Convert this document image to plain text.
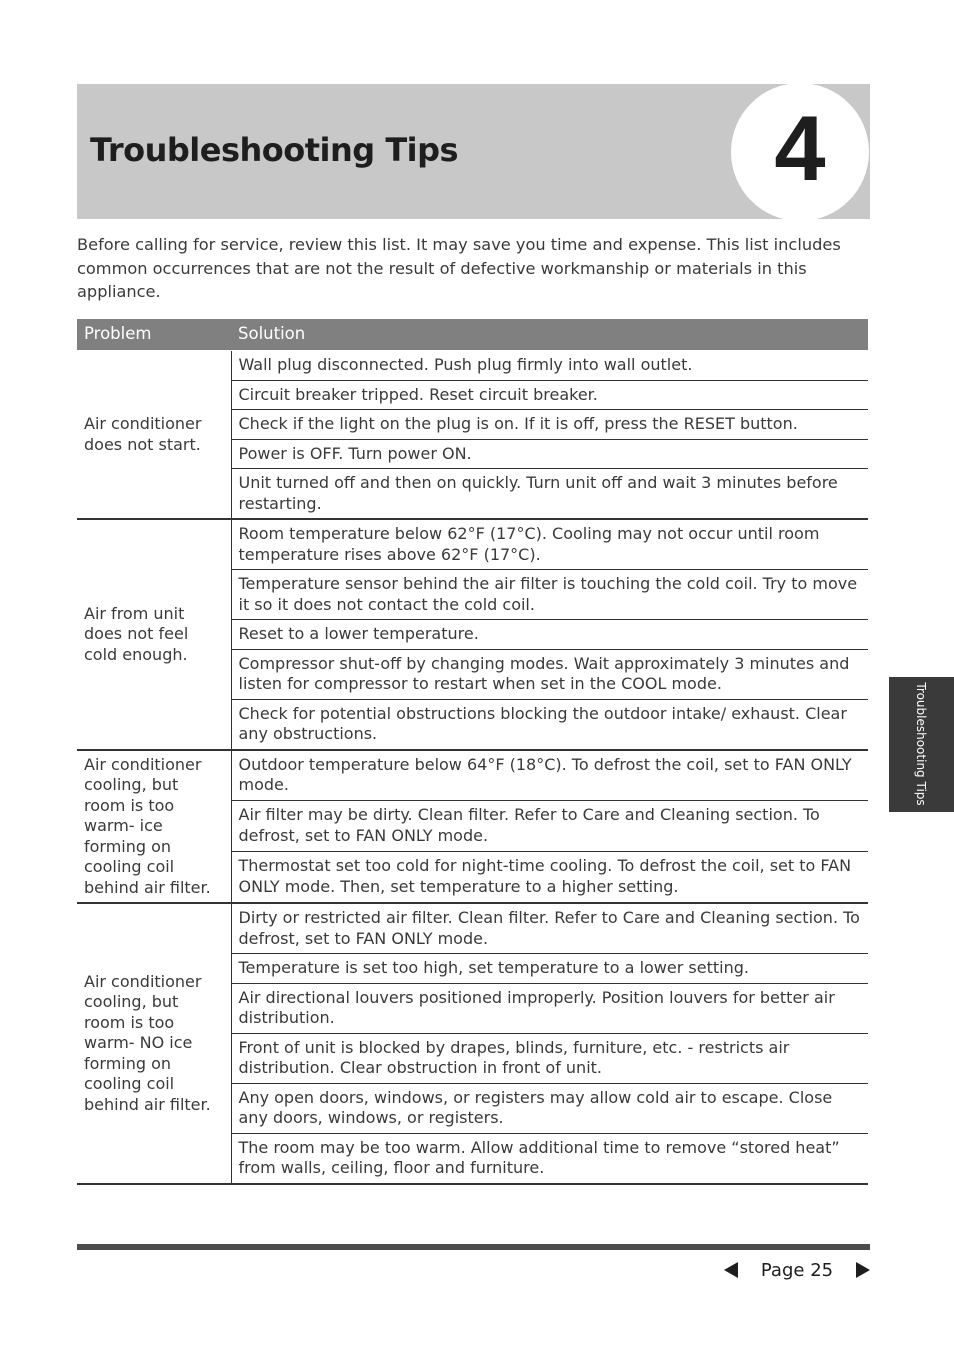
Troubleshooting Tips	4

Before calling for service, review this list. It may save you time and expense. This list includes common occurrences that are not the result of defective workmanship or materials in this appliance.

Problem	Solution
Air conditioner does not start.	Wall plug disconnected. Push plug firmly into wall outlet.
	Circuit breaker tripped. Reset circuit breaker.
	Check if the light on the plug is on. If it is off, press the RESET button.
	Power is OFF. Turn power ON.
	Unit turned off and then on quickly. Turn unit off and wait 3 minutes before restarting.
Air from unit does not feel cold enough.	Room temperature below 62°F (17°C). Cooling may not occur until room temperature rises above 62°F (17°C).
	Temperature sensor behind the air filter is touching the cold coil. Try to move it so it does not contact the cold coil.
	Reset to a lower temperature.
	Compressor shut-off by changing modes. Wait approximately 3 minutes and listen for compressor to restart when set in the COOL mode.
	Check for potential obstructions blocking the outdoor intake/ exhaust. Clear any obstructions.
Air conditioner cooling, but room is too warm- ice forming on cooling coil behind air filter.	Outdoor temperature below 64°F (18°C). To defrost the coil, set to FAN ONLY mode.
	Air filter may be dirty. Clean filter. Refer to Care and Cleaning section. To defrost, set to FAN ONLY mode.
	Thermostat set too cold for night-time cooling. To defrost the coil, set to FAN ONLY mode. Then, set temperature to a higher setting.
Air conditioner cooling, but room is too warm- NO ice forming on cooling coil behind air filter.	Dirty or restricted air filter. Clean filter. Refer to Care and Cleaning section. To defrost, set to FAN ONLY mode.
	Temperature is set too high, set temperature to a lower setting.
	Air directional louvers positioned improperly. Position louvers for better air distribution.
	Front of unit is blocked by drapes, blinds, furniture, etc. - restricts air distribution. Clear obstruction in front of unit.
	Any open doors, windows, or registers may allow cold air to escape. Close any doors, windows, or registers.
	The room may be too warm. Allow additional time to remove “stored heat” from walls, ceiling, floor and furniture.
Troubleshooting Tips
Page 25
